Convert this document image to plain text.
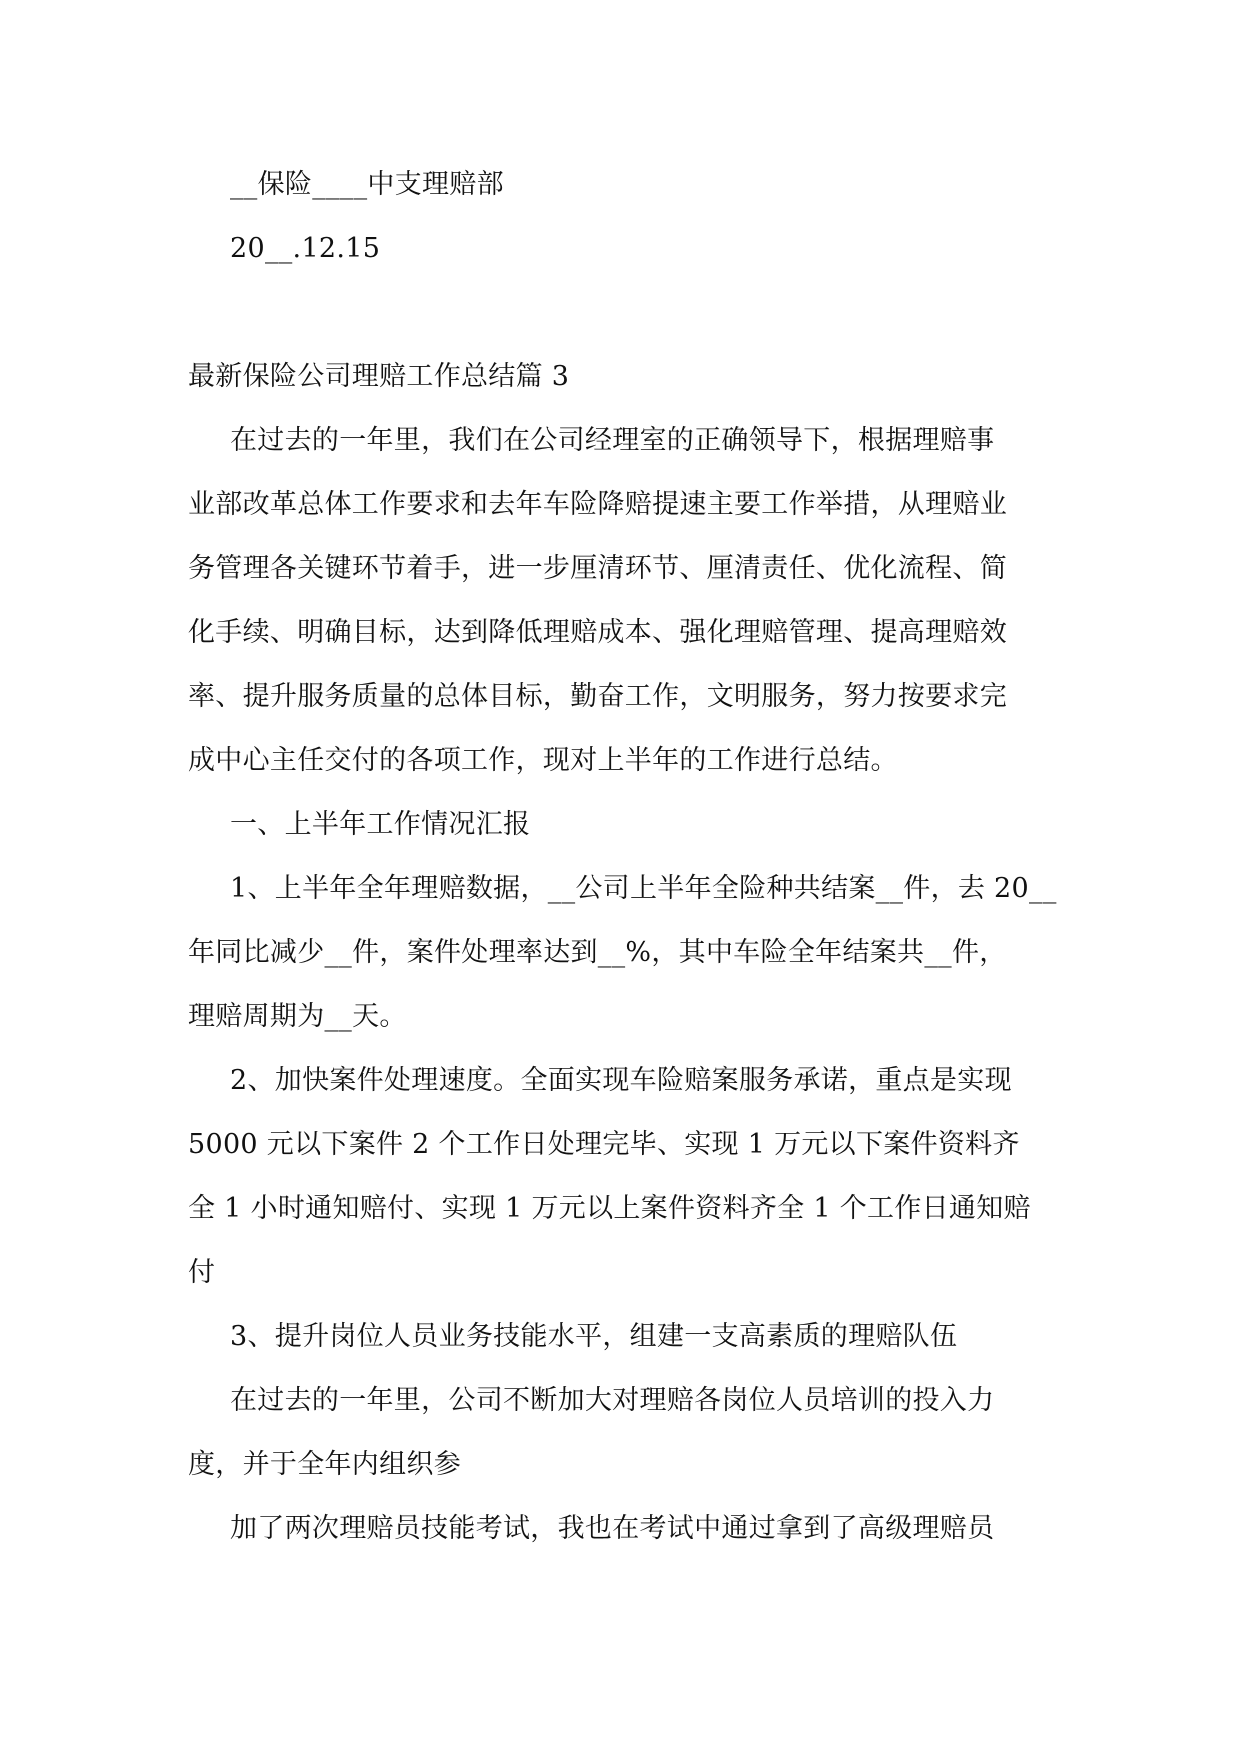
__保险____中支理赔部
20__.12.15
最新保险公司理赔工作总结篇 3
在过去的一年里，我们在公司经理室的正确领导下，根据理赔事
业部改革总体工作要求和去年车险降赔提速主要工作举措，从理赔业
务管理各关键环节着手，进一步厘清环节、厘清责任、优化流程、简
化手续、明确目标，达到降低理赔成本、强化理赔管理、提高理赔效
率、提升服务质量的总体目标，勤奋工作，文明服务，努力按要求完
成中心主任交付的各项工作，现对上半年的工作进行总结。
一、上半年工作情况汇报
1、上半年全年理赔数据，__公司上半年全险种共结案__件，去 20__
年同比减少__件，案件处理率达到__%，其中车险全年结案共__件，
理赔周期为__天。
2、加快案件处理速度。全面实现车险赔案服务承诺，重点是实现
5000 元以下案件 2 个工作日处理完毕、实现 1 万元以下案件资料齐
全 1 小时通知赔付、实现 1 万元以上案件资料齐全 1 个工作日通知赔
付
3、提升岗位人员业务技能水平，组建一支高素质的理赔队伍
在过去的一年里，公司不断加大对理赔各岗位人员培训的投入力
度，并于全年内组织参
加了两次理赔员技能考试，我也在考试中通过拿到了高级理赔员
